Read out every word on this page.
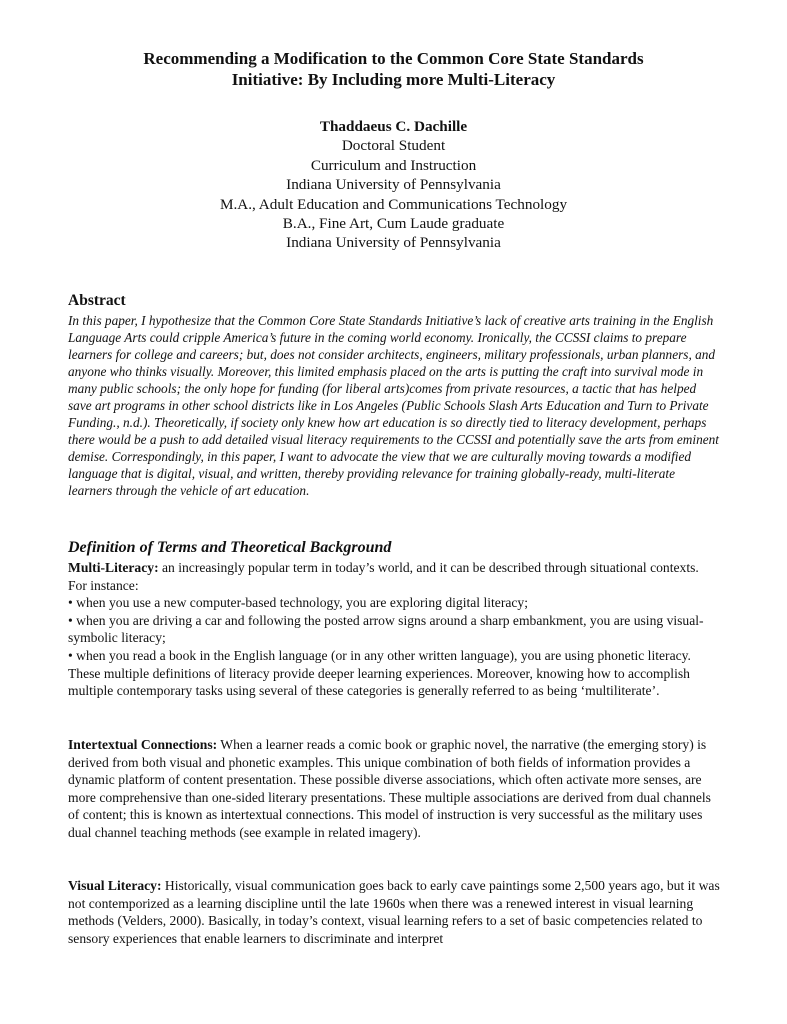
Recommending a Modification to the Common Core State Standards
Initiative: By Including more Multi-Literacy
Thaddaeus C. Dachille
Doctoral Student
Curriculum and Instruction
Indiana University of Pennsylvania
M.A., Adult Education and Communications Technology
B.A., Fine Art, Cum Laude graduate
Indiana University of Pennsylvania
Abstract

In this paper, I hypothesize that the Common Core State Standards Initiative’s lack of creative arts training in the English Language Arts could cripple America’s future in the coming world economy. Ironically, the CCSSI claims to prepare learners for college and careers; but, does not consider architects, engineers, military professionals, urban planners, and anyone who thinks visually. Moreover, this limited emphasis placed on the arts is putting the craft into survival mode in many public schools; the only hope for funding (for liberal arts)comes from private resources, a tactic that has helped save art programs in other school districts like in Los Angeles (Public Schools Slash Arts Education and Turn to Private Funding., n.d.). Theoretically, if society only knew how art education is so directly tied to literacy development, perhaps there would be a push to add detailed visual literacy requirements to the CCSSI and potentially save the arts from eminent demise. Correspondingly, in this paper, I want to advocate the view that we are culturally moving towards a modified language that is digital, visual, and written, thereby providing relevance for training globally-ready, multi-literate learners through the vehicle of art education.

Definition of Terms and Theoretical Background

Multi-Literacy: an increasingly popular term in today’s world, and it can be described through situational contexts. For instance:

• when you use a new computer-based technology, you are exploring digital literacy;

• when you are driving a car and following the posted arrow signs around a sharp embankment, you are using visual-symbolic literacy;

• when you read a book in the English language (or in any other written language), you are using phonetic literacy. These multiple definitions of literacy provide deeper learning experiences. Moreover, knowing how to accomplish multiple contemporary tasks using several of these categories is generally referred to as being ‘multiliterate’.

Intertextual Connections: When a learner reads a comic book or graphic novel, the narrative (the emerging story) is derived from both visual and phonetic examples. This unique combination of both fields of information provides a dynamic platform of content presentation. These possible diverse associations, which often activate more senses, are more comprehensive than one-sided literary presentations. These multiple associations are derived from dual channels of content; this is known as intertextual connections. This model of instruction is very successful as the military uses dual channel teaching methods (see example in related imagery).

Visual Literacy: Historically, visual communication goes back to early cave paintings some 2,500 years ago, but it was not contemporized as a learning discipline until the late 1960s when there was a renewed interest in visual learning methods (Velders, 2000). Basically, in today’s context, visual learning refers to a set of basic competencies related to sensory experiences that enable learners to discriminate and interpret
